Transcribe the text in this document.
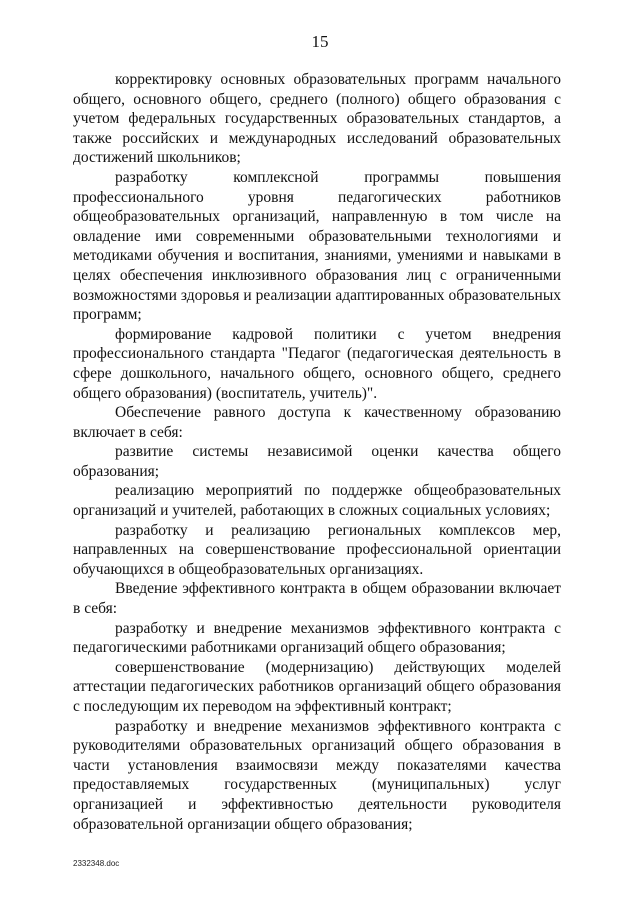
15

корректировку основных образовательных программ начального общего, основного общего, среднего (полного) общего образования с учетом федеральных государственных образовательных стандартов, а также российских и международных исследований образовательных достижений школьников;

разработку комплексной программы повышения профессионального уровня педагогических работников общеобразовательных организаций, направленную в том числе на овладение ими современными образовательными технологиями и методиками обучения и воспитания, знаниями, умениями и навыками в целях обеспечения инклюзивного образования лиц с ограниченными возможностями здоровья и реализации адаптированных образовательных программ;

формирование кадровой политики с учетом внедрения профессионального стандарта "Педагог (педагогическая деятельность в сфере дошкольного, начального общего, основного общего, среднего общего образования) (воспитатель, учитель)".

Обеспечение равного доступа к качественному образованию включает в себя:

развитие системы независимой оценки качества общего образования;

реализацию мероприятий по поддержке общеобразовательных организаций и учителей, работающих в сложных социальных условиях;

разработку и реализацию региональных комплексов мер, направленных на совершенствование профессиональной ориентации обучающихся в общеобразовательных организациях.

Введение эффективного контракта в общем образовании включает в себя:

разработку и внедрение механизмов эффективного контракта с педагогическими работниками организаций общего образования;

совершенствование (модернизацию) действующих моделей аттестации педагогических работников организаций общего образования с последующим их переводом на эффективный контракт;

разработку и внедрение механизмов эффективного контракта с руководителями образовательных организаций общего образования в части установления взаимосвязи между показателями качества предоставляемых государственных (муниципальных) услуг организацией и эффективностью деятельности руководителя образовательной организации общего образования;

2332348.doc
